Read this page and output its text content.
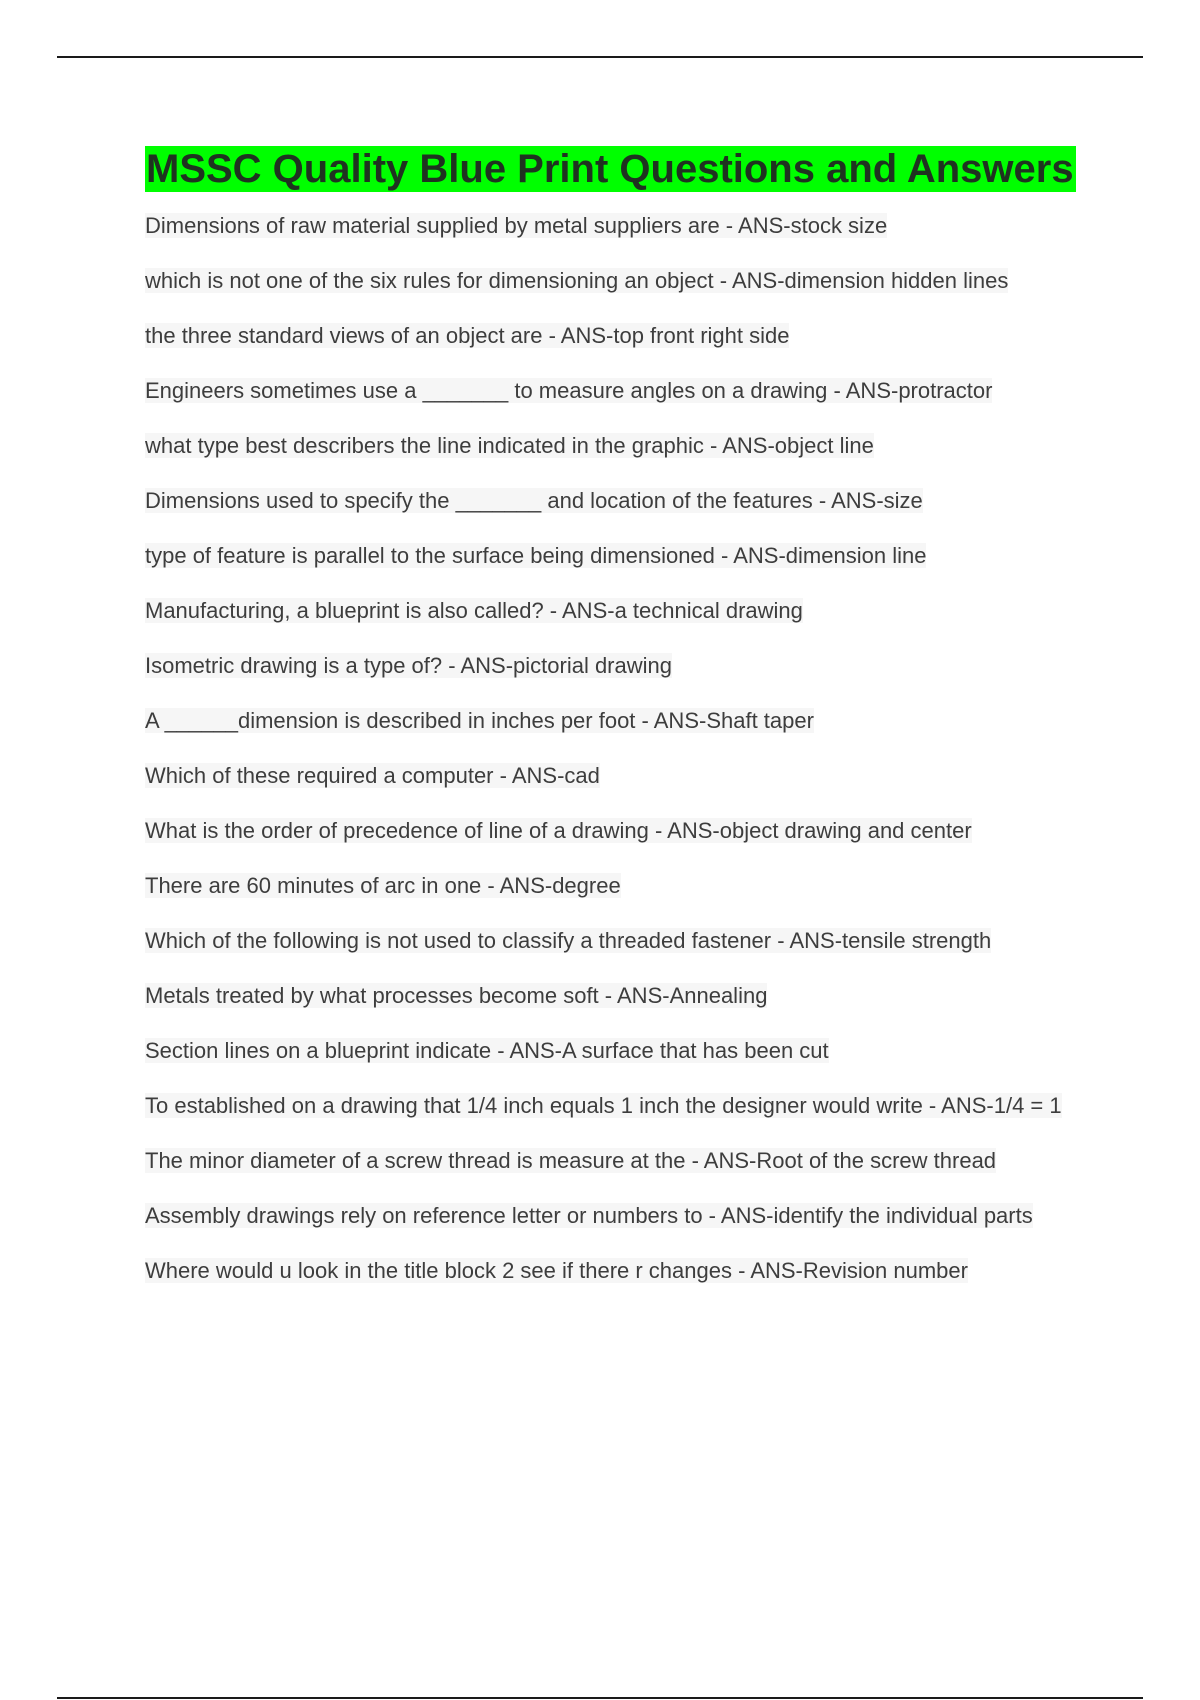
MSSC Quality Blue Print Questions and Answers
Dimensions of raw material supplied by metal suppliers are - ANS-stock size
which is not one of the six rules for dimensioning an object - ANS-dimension hidden lines
the three standard views of an object are - ANS-top front right side
Engineers sometimes use a _______ to measure angles on a drawing - ANS-protractor
what type best describers the line indicated in the graphic - ANS-object line
Dimensions used to specify the _______ and location of the features - ANS-size
type of feature is parallel to the surface being dimensioned - ANS-dimension line
Manufacturing, a blueprint is also called? - ANS-a technical drawing
Isometric drawing is a type of? - ANS-pictorial drawing
A ______dimension is described in inches per foot - ANS-Shaft taper
Which of these required a computer - ANS-cad
What is the order of precedence of line of a drawing - ANS-object drawing and center
There are 60 minutes of arc in one - ANS-degree
Which of the following is not used to classify a threaded fastener - ANS-tensile strength
Metals treated by what processes become soft - ANS-Annealing
Section lines on a blueprint indicate - ANS-A surface that has been cut
To established on a drawing that 1/4 inch equals 1 inch the designer would write - ANS-1/4 = 1
The minor diameter of a screw thread is measure at the - ANS-Root of the screw thread
Assembly drawings rely on reference letter or numbers to - ANS-identify the individual parts
Where would u look in the title block 2 see if there r changes - ANS-Revision number
